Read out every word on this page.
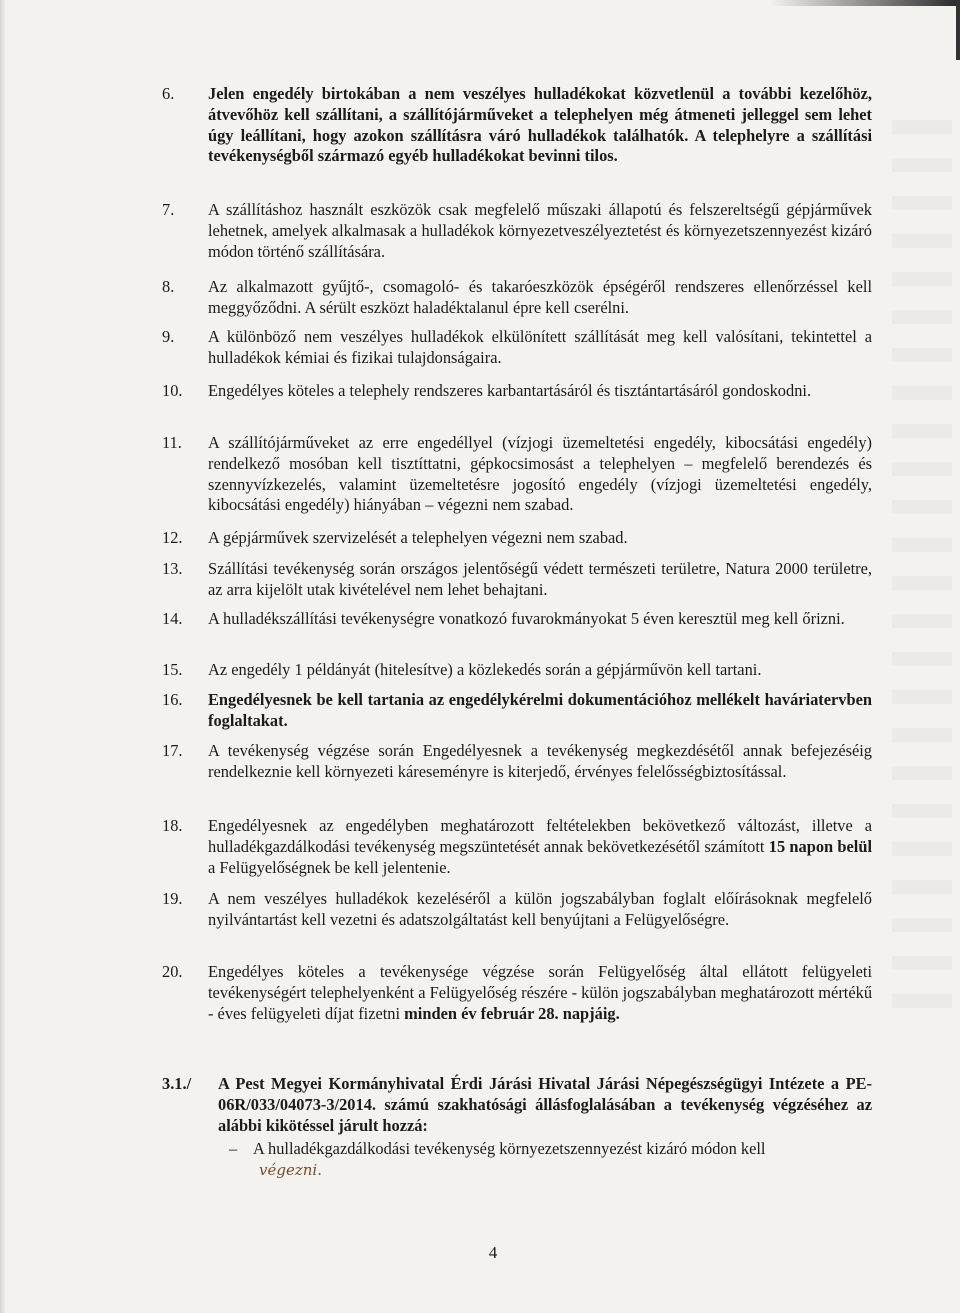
6.	Jelen engedély birtokában a nem veszélyes hulladékokat közvetlenül a további kezelőhöz, átvevőhöz kell szállítani, a szállítójárműveket a telephelyen még átmeneti jelleggel sem lehet úgy leállítani, hogy azokon szállításra váró hulladékok találhatók. A telephelyre a szállítási tevékenységből származó egyéb hulladékokat bevinni tilos.
7.	A szállításhoz használt eszközök csak megfelelő műszaki állapotú és felszereltségű gépjárművek lehetnek, amelyek alkalmasak a hulladékok környezetveszélyeztetést és környezetszennyezést kizáró módon történő szállítására.
8.	Az alkalmazott gyűjtő-, csomagoló- és takaróeszközök épségéről rendszeres ellenőrzéssel kell meggyőződni. A sérült eszközt haladéktalanul épre kell cserélni.
9.	A különböző nem veszélyes hulladékok elkülönített szállítását meg kell valósítani, tekintettel a hulladékok kémiai és fizikai tulajdonságaira.
10.	Engedélyes köteles a telephely rendszeres karbantartásáról és tisztántartásáról gondoskodni.
11.	A szállítójárműveket az erre engedéllyel (vízjogi üzemeltetési engedély, kibocsátási engedély) rendelkező mosóban kell tisztíttatni, gépkocsimosást a telephelyen – megfelelő berendezés és szennyvízkezelés, valamint üzemeltetésre jogosító engedély (vízjogi üzemeltetési engedély, kibocsátási engedély) hiányában – végezni nem szabad.
12.	A gépjárművek szervizelését a telephelyen végezni nem szabad.
13.	Szállítási tevékenység során országos jelentőségű védett természeti területre, Natura 2000 területre, az arra kijelölt utak kivételével nem lehet behajtani.
14.	A hulladékszállítási tevékenységre vonatkozó fuvarokmányokat 5 éven keresztül meg kell őrizni.
15.	Az engedély 1 példányát (hitelesítve) a közlekedés során a gépjárművön kell tartani.
16.	Engedélyesnek be kell tartania az engedélykérelmi dokumentációhoz mellékelt haváriatervben foglaltakat.
17.	A tevékenység végzése során Engedélyesnek a tevékenység megkezdésétől annak befejezéséig rendelkeznie kell környezeti káreseményre is kiterjedő, érvényes felelősségbiztosítással.
18.	Engedélyesnek az engedélyben meghatározott feltételekben bekövetkező változást, illetve a hulladékgazdálkodási tevékenység megszüntetését annak bekövetkezésétől számított 15 napon belül a Felügyelőségnek be kell jelentenie.
19.	A nem veszélyes hulladékok kezeléséről a külön jogszabályban foglalt előírásoknak megfelelő nyilvántartást kell vezetni és adatszolgáltatást kell benyújtani a Felügyelőségre.
20.	Engedélyes köteles a tevékenysége végzése során Felügyelőség által ellátott felügyeleti tevékenységért telephelyenként a Felügyelőség részére - külön jogszabályban meghatározott mértékű - éves felügyeleti díjat fizetni minden év február 28. napjáig.
3.1./	A Pest Megyei Kormányhivatal Érdi Járási Hivatal Járási Népegészségügyi Intézete a PE-06R/033/04073-3/2014. számú szakhatósági állásfoglalásában a tevékenység végzéséhez az alábbi kikötéssel járult hozzá:
– A hulladékgazdálkodási tevékenység környezetszennyezést kizáró módon kell
végezni.
4
